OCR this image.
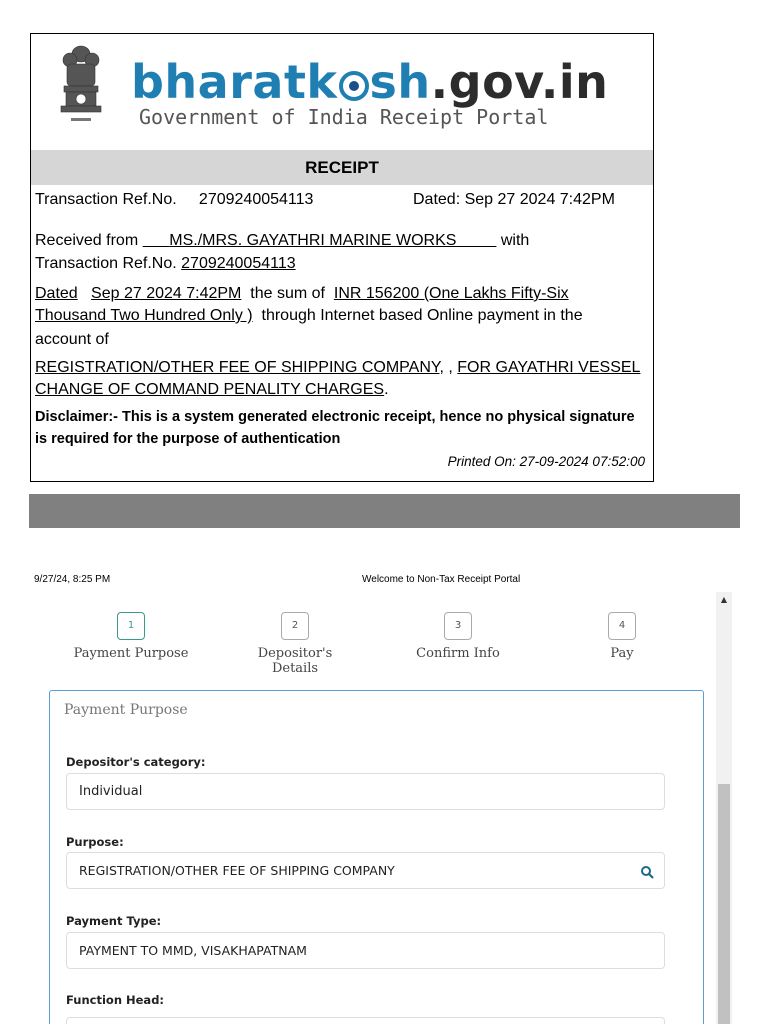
bharatk sh.gov.in
Government of India Receipt Portal
RECEIPT
Transaction Ref.No. 2709240054113	Dated: Sep 27 2024 7:42PM
Received from MS./MRS. GAYATHRI MARINE WORKS	with
Transaction Ref.No. 2709240054113
Dated Sep 27 2024 7:42PM the sum of INR 156200 (One Lakhs Fifty-Six
Thousand Two Hundred Only ) through Internet based Online payment in the
account of
REGISTRATION/OTHER FEE OF SHIPPING COMPANY, , FOR GAYATHRI VESSEL
CHANGE OF COMMAND PENALITY CHARGES.
Disclaimer:- This is a system generated electronic receipt, hence no physical signature
is required for the purpose of authentication
Printed On: 27-09-2024 07:52:00
9/27/24, 8:25 PM	Welcome to Non-Tax Receipt Portal
1
Payment Purpose
2
Depositor's Details
3
Confirm Info
4
Pay
▲
Payment Purpose
Depositor's category:
Individual
Purpose:
REGISTRATION/OTHER FEE OF SHIPPING COMPANY
Payment Type:
PAYMENT TO MMD, VISAKHAPATNAM
Function Head:
